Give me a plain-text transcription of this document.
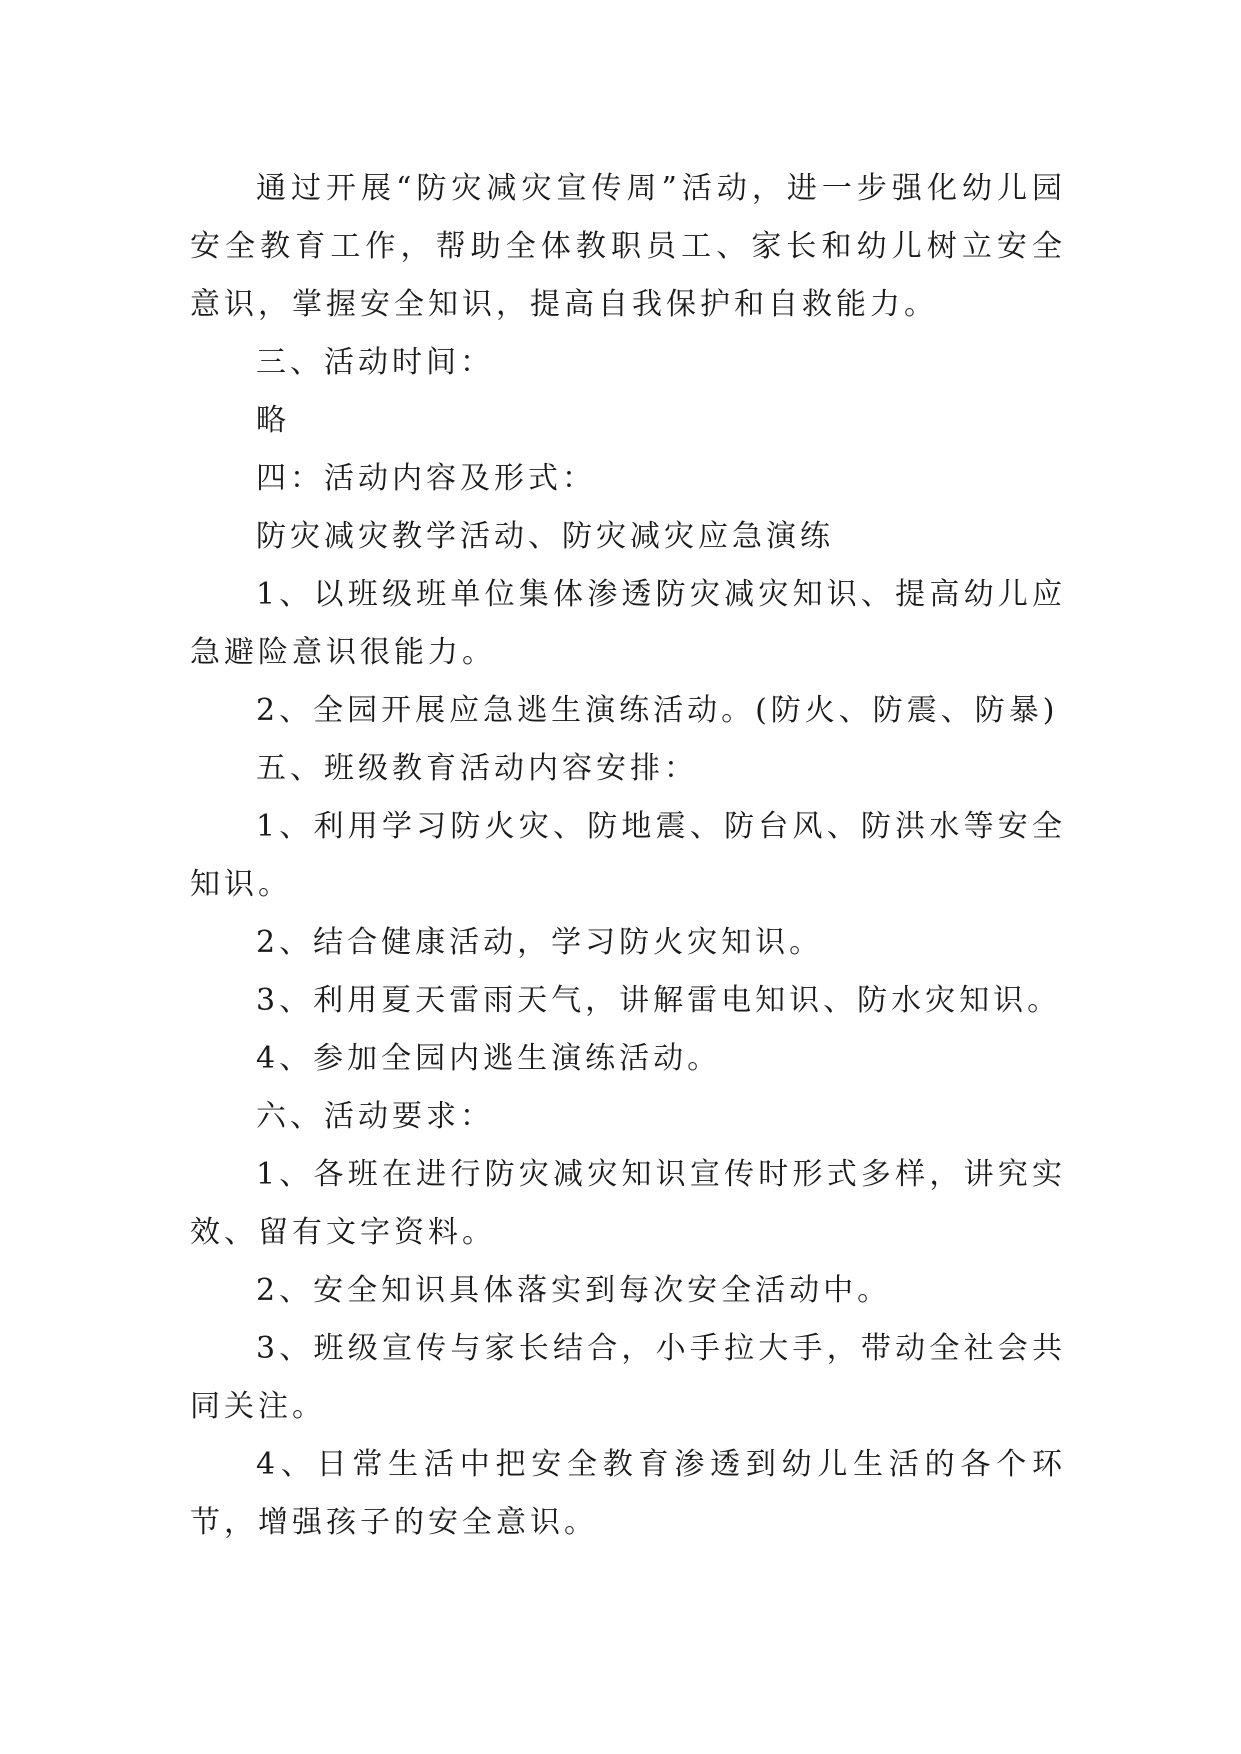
通过开展“防灾减灾宣传周”活动，进一步强化幼儿园安全教育工作，帮助全体教职员工、家长和幼儿树立安全意识，掌握安全知识，提高自我保护和自救能力。

三、活动时间：

略

四：活动内容及形式：

防灾减灾教学活动、防灾减灾应急演练

1、以班级班单位集体渗透防灾减灾知识、提高幼儿应急避险意识很能力。

2、全园开展应急逃生演练活动。(防火、防震、防暴)

五、班级教育活动内容安排：

1、利用学习防火灾、防地震、防台风、防洪水等安全知识。

2、结合健康活动，学习防火灾知识。

3、利用夏天雷雨天气，讲解雷电知识、防水灾知识。

4、参加全园内逃生演练活动。

六、活动要求：

1、各班在进行防灾减灾知识宣传时形式多样，讲究实效、留有文字资料。

2、安全知识具体落实到每次安全活动中。

3、班级宣传与家长结合，小手拉大手，带动全社会共同关注。

4、日常生活中把安全教育渗透到幼儿生活的各个环节，增强孩子的安全意识。
